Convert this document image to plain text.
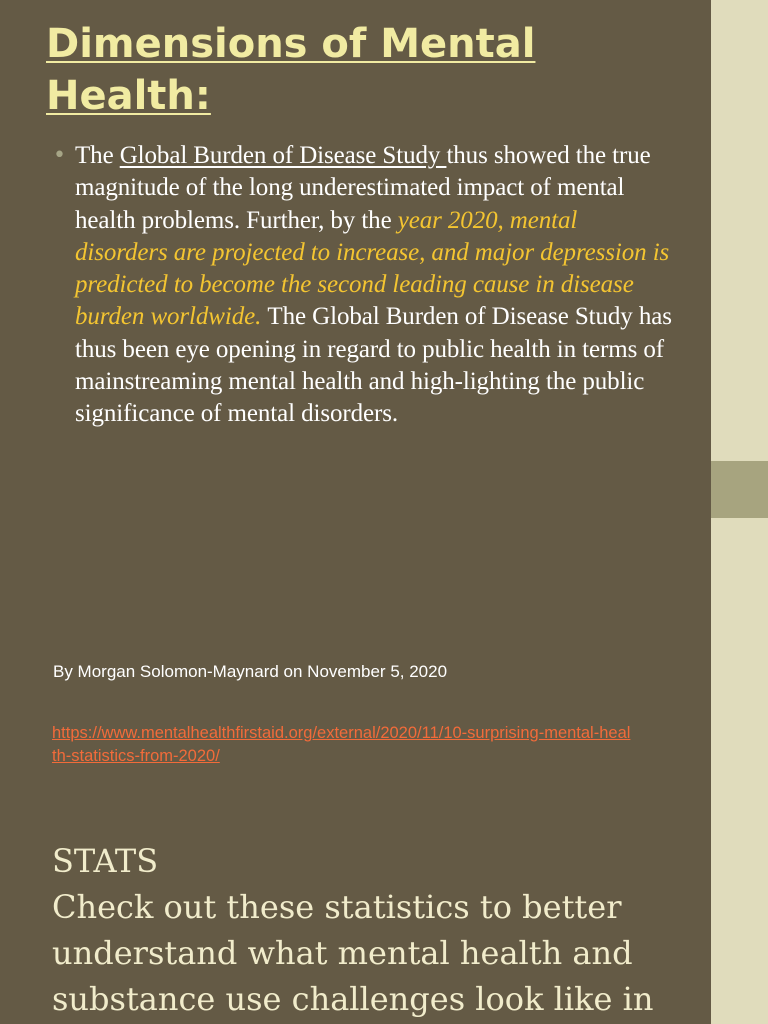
Dimensions of Mental Health:
• The Global Burden of Disease Study thus showed the true magnitude of the long underestimated impact of mental health problems. Further, by the year 2020, mental disorders are projected to increase, and major depression is predicted to become the second leading cause in disease burden worldwide. The Global Burden of Disease Study has thus been eye opening in regard to public health in terms of mainstreaming mental health and high-lighting the public significance of mental disorders.
By Morgan Solomon-Maynard on November 5, 2020
https://www.mentalhealthfirstaid.org/external/2020/11/10-surprising-mental-health-statistics-from-2020/
STATS
Check out these statistics to better understand what mental health and substance use challenges look like in
